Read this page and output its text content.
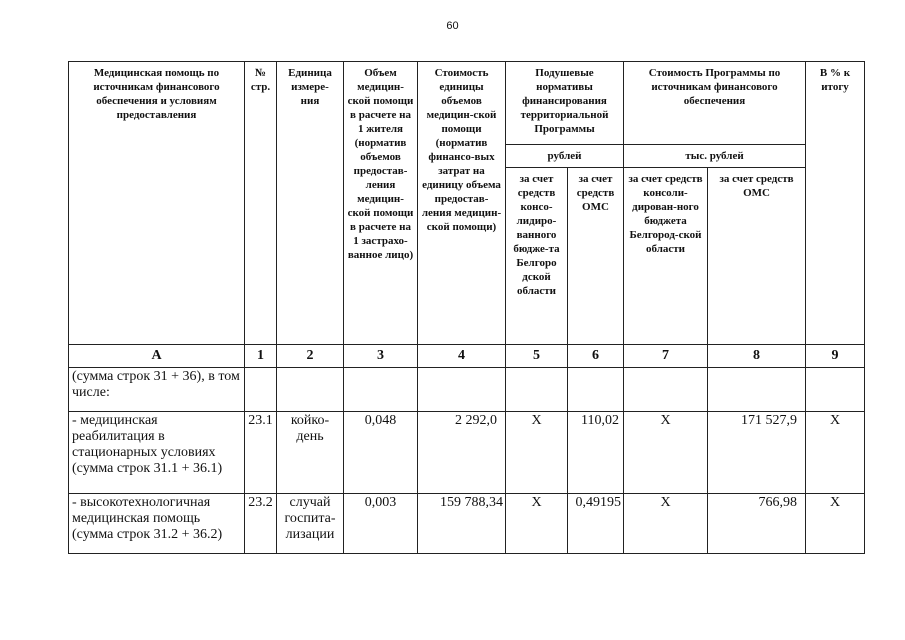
60
Медицинская помощь по источникам финансового обеспечения и условиям предоставления	№ стр.	Единица измере-ния	Объем медицин-ской помощи в расчете на 1 жителя (норматив объемов предостав-ления медицин-ской помощи в расчете на 1 застрахо-ванное лицо)	Стоимость единицы объемов медицин-ской помощи (норматив финансо-вых затрат на единицу объема предостав-ления медицин-ской помощи)	Подушевые нормативы финансирования территориальной Программы		Стоимость Программы по источникам финансового обеспечения		В % к итогу
					рублей		тыс. рублей		
					за счет средств консо-лидиро-ванного бюдже-та Белгоро дской области	за счет средств ОМС	за счет средств консоли-дирован-ного бюджета Белгород-ской области	за счет средств ОМС	
А	1	2	3	4	5	6	7	8	9
(сумма строк 31 + 36), в том числе:									
- медицинская реабилитация в стационарных условиях (сумма строк 31.1 + 36.1)	23.1	койко-день	0,048	2 292,0	Х	110,02	Х	171 527,9	Х
- высокотехнологичная медицинская помощь (сумма строк 31.2 + 36.2)	23.2	случай госпита-лизации	0,003	159 788,34	Х	0,49195	Х	766,98	Х
